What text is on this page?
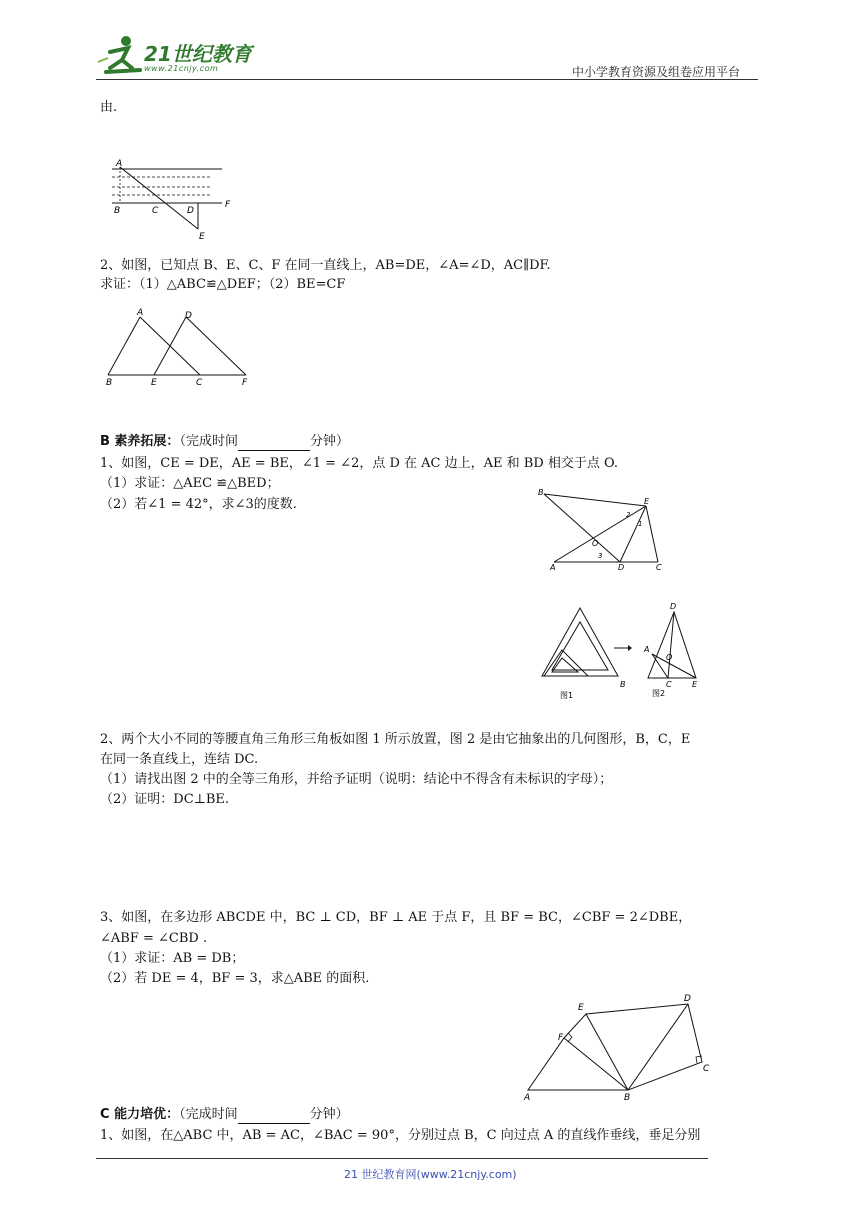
21世纪教育
www.21cnjy.com	中小学教育资源及组卷应用平台
由.
A
B	C	D
F
E
2、如图，已知点 B、E、C、F 在同一直线上，AB=DE，∠A=∠D，AC∥DF.
求证：（1）△ABC≌△DEF；（2）BE=CF
A	D
B	E	C	F
B 素养拓展：（完成时间	分钟）
1、如图，CE = DE，AE = BE，∠1 = ∠2，点 D 在 AC 边上，AE 和 BD 相交于点 O.
（1）求证：△AEC ≌△BED；
（2）若∠1 = 42°，求∠3的度数.
B
E
2
1
O
3
A	D	C
图1
D
A
O
B	C	E
图2
2、两个大小不同的等腰直角三角形三角板如图 1 所示放置，图 2 是由它抽象出的几何图形，B，C，E
在同一条直线上，连结 DC.
（1）请找出图 2 中的全等三角形，并给予证明（说明：结论中不得含有未标识的字母）；
（2）证明：DC⊥BE.
3、如图，在多边形 ABCDE 中，BC ⊥ CD，BF ⊥ AE 于点 F，且 BF = BC，∠CBF = 2∠DBE，
∠ABF = ∠CBD .
（1）求证：AB = DB；
（2）若 DE = 4，BF = 3，求△ABE 的面积.
E
D
F
C
A	B
C 能力培优：（完成时间	分钟）
1、如图，在△ABC 中，AB = AC，∠BAC = 90°，分别过点 B，C 向过点 A 的直线作垂线，垂足分别
21 世纪教育网(www.21cnjy.com)
